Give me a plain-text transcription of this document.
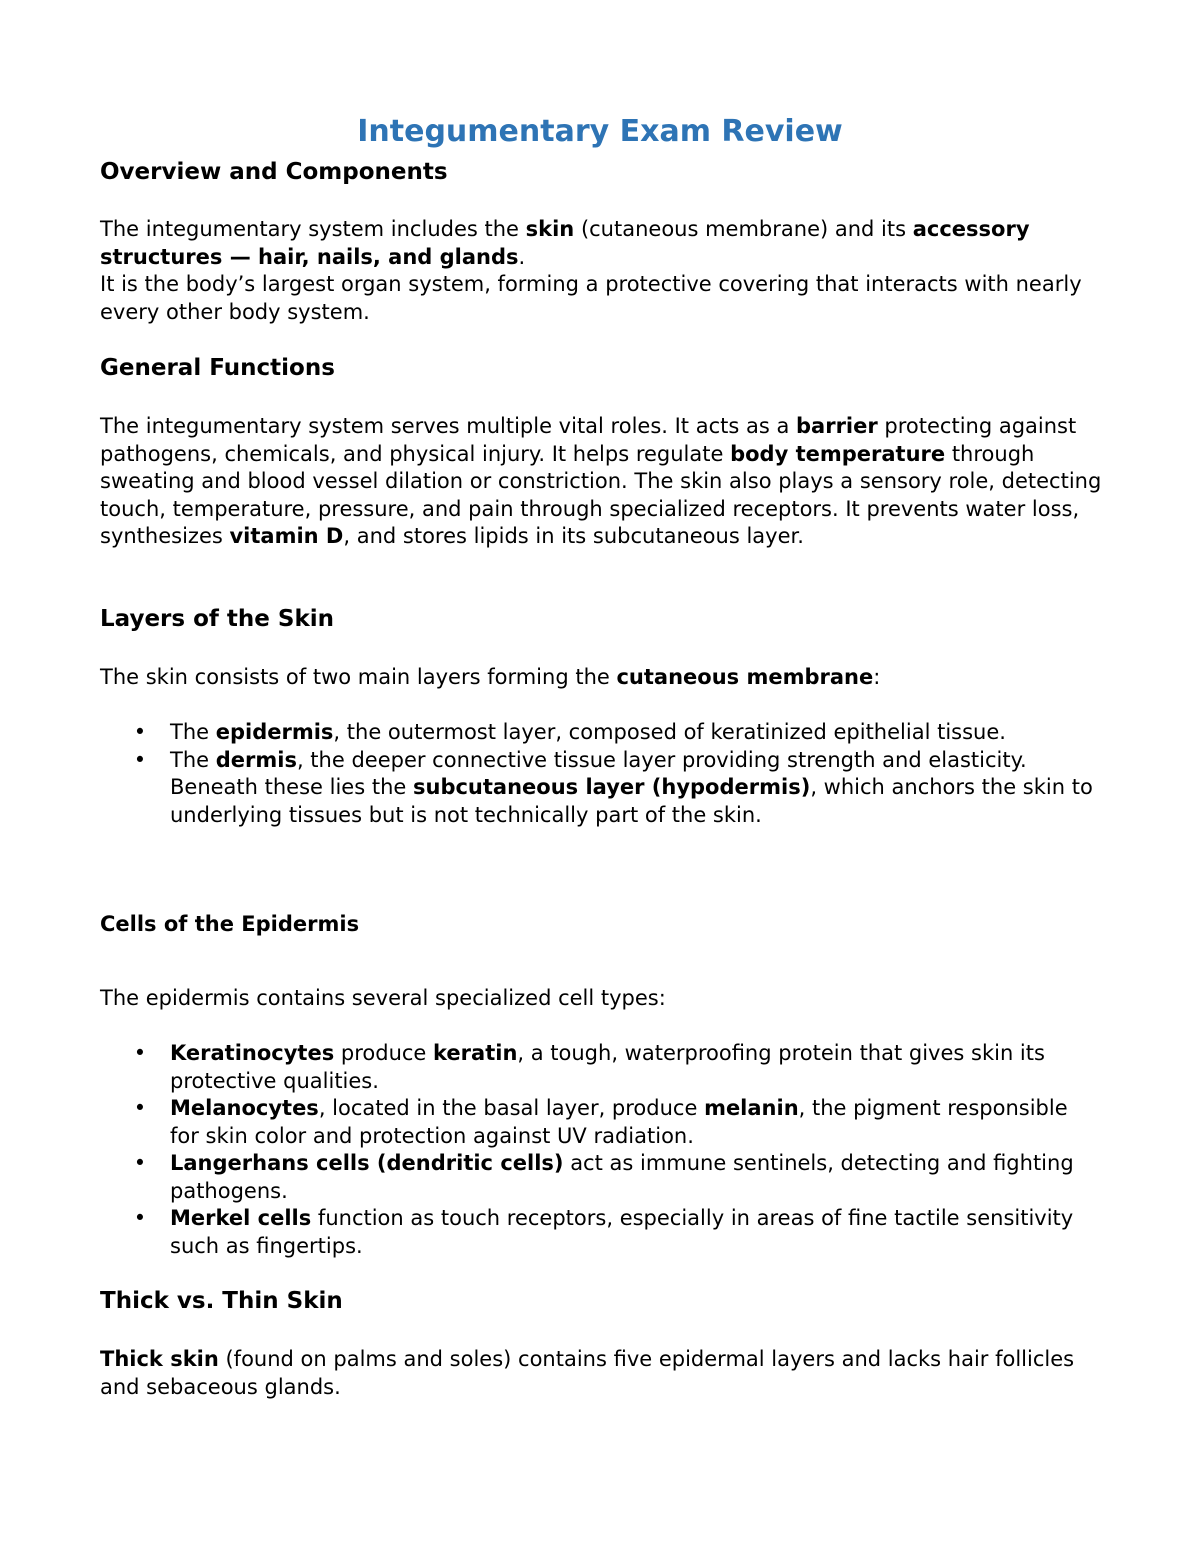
Integumentary Exam Review
Overview and Components

The integumentary system includes the skin (cutaneous membrane) and its accessory structures — hair, nails, and glands.
It is the body’s largest organ system, forming a protective covering that interacts with nearly every other body system.

General Functions

The integumentary system serves multiple vital roles. It acts as a barrier protecting against pathogens, chemicals, and physical injury. It helps regulate body temperature through sweating and blood vessel dilation or constriction. The skin also plays a sensory role, detecting touch, temperature, pressure, and pain through specialized receptors. It prevents water loss, synthesizes vitamin D, and stores lipids in its subcutaneous layer.

Layers of the Skin

The skin consists of two main layers forming the cutaneous membrane:

• The epidermis, the outermost layer, composed of keratinized epithelial tissue.
• The dermis, the deeper connective tissue layer providing strength and elasticity.
Beneath these lies the subcutaneous layer (hypodermis), which anchors the skin to underlying tissues but is not technically part of the skin.
Cells of the Epidermis

The epidermis contains several specialized cell types:

• Keratinocytes produce keratin, a tough, waterproofing protein that gives skin its protective qualities.
• Melanocytes, located in the basal layer, produce melanin, the pigment responsible for skin color and protection against UV radiation.
• Langerhans cells (dendritic cells) act as immune sentinels, detecting and fighting pathogens.
• Merkel cells function as touch receptors, especially in areas of fine tactile sensitivity such as fingertips.
Thick vs. Thin Skin

Thick skin (found on palms and soles) contains five epidermal layers and lacks hair follicles and sebaceous glands.
